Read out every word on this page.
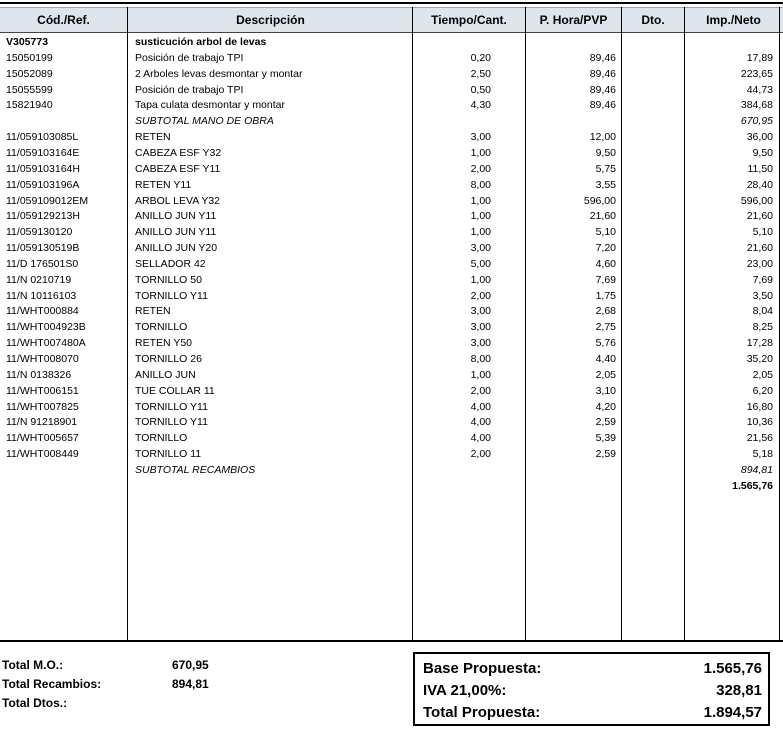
Cód./Ref.	Descripción	Tiempo/Cant.	P. Hora/PVP	Dto.	Imp./Neto
V305773	susticución arbol de levas
15050199	Posición de trabajo TPI	0,20	89,46	17,89
15052089	2 Arboles levas desmontar y montar	2,50	89,46	223,65
15055599	Posición de trabajo TPI	0,50	89,46	44,73
15821940	Tapa culata desmontar y montar	4,30	89,46	384,68
SUBTOTAL MANO DE OBRA	670,95
11/059103085L	RETEN	3,00	12,00	36,00
11/059103164E	CABEZA ESF Y32	1,00	9,50	9,50
11/059103164H	CABEZA ESF Y11	2,00	5,75	11,50
11/059103196A	RETEN Y11	8,00	3,55	28,40
11/059109012EM	ARBOL LEVA Y32	1,00	596,00	596,00
11/059129213H	ANILLO JUN Y11	1,00	21,60	21,60
11/059130120	ANILLO JUN Y11	1,00	5,10	5,10
11/059130519B	ANILLO JUN Y20	3,00	7,20	21,60
11/D 176501S0	SELLADOR 42	5,00	4,60	23,00
11/N 0210719	TORNILLO 50	1,00	7,69	7,69
11/N 10116103	TORNILLO Y11	2,00	1,75	3,50
11/WHT000884	RETEN	3,00	2,68	8,04
11/WHT004923B	TORNILLO	3,00	2,75	8,25
11/WHT007480A	RETEN Y50	3,00	5,76	17,28
11/WHT008070	TORNILLO 26	8,00	4,40	35,20
11/N 0138326	ANILLO JUN	1,00	2,05	2,05
11/WHT006151	TUE COLLAR 11	2,00	3,10	6,20
11/WHT007825	TORNILLO Y11	4,00	4,20	16,80
11/N 91218901	TORNILLO Y11	4,00	2,59	10,36
11/WHT005657	TORNILLO	4,00	5,39	21,56
11/WHT008449	TORNILLO 11	2,00	2,59	5,18
SUBTOTAL RECAMBIOS	894,81
1.565,76
Total M.O.:	670,95
Total Recambios:	894,81
Total Dtos.:
Base Propuesta:	1.565,76
IVA 21,00%:	328,81
Total Propuesta:	1.894,57
